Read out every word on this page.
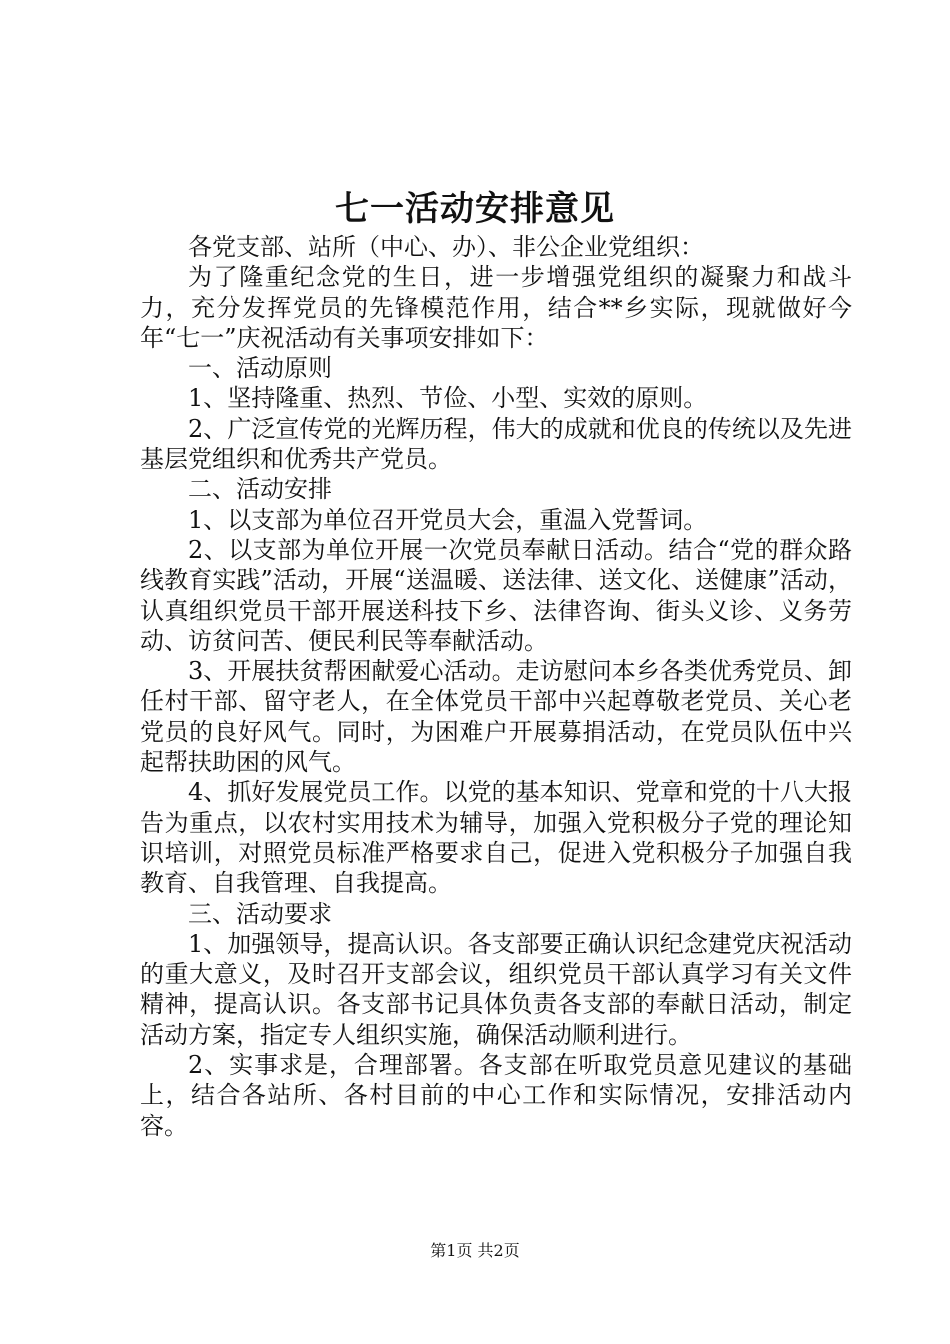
七一活动安排意见

各党支部、站所（中心、办）、非公企业党组织：

为了隆重纪念党的生日，进一步增强党组织的凝聚力和战斗力，充分发挥党员的先锋模范作用，结合**乡实际，现就做好今年“七一”庆祝活动有关事项安排如下：

一、活动原则

1、坚持隆重、热烈、节俭、小型、实效的原则。

2、广泛宣传党的光辉历程，伟大的成就和优良的传统以及先进基层党组织和优秀共产党员。

二、活动安排

1、以支部为单位召开党员大会，重温入党誓词。

2、以支部为单位开展一次党员奉献日活动。结合“党的群众路线教育实践”活动，开展“送温暖、送法律、送文化、送健康”活动，认真组织党员干部开展送科技下乡、法律咨询、街头义诊、义务劳动、访贫问苦、便民利民等奉献活动。

3、开展扶贫帮困献爱心活动。走访慰问本乡各类优秀党员、卸任村干部、留守老人，在全体党员干部中兴起尊敬老党员、关心老党员的良好风气。同时，为困难户开展募捐活动，在党员队伍中兴起帮扶助困的风气。

4、抓好发展党员工作。以党的基本知识、党章和党的十八大报告为重点，以农村实用技术为辅导，加强入党积极分子党的理论知识培训，对照党员标准严格要求自己，促进入党积极分子加强自我教育、自我管理、自我提高。

三、活动要求

1、加强领导，提高认识。各支部要正确认识纪念建党庆祝活动的重大意义，及时召开支部会议，组织党员干部认真学习有关文件精神，提高认识。各支部书记具体负责各支部的奉献日活动，制定活动方案，指定专人组织实施，确保活动顺利进行。

2、实事求是，合理部署。各支部在听取党员意见建议的基础上，结合各站所、各村目前的中心工作和实际情况，安排活动内容。

第1页 共2页
